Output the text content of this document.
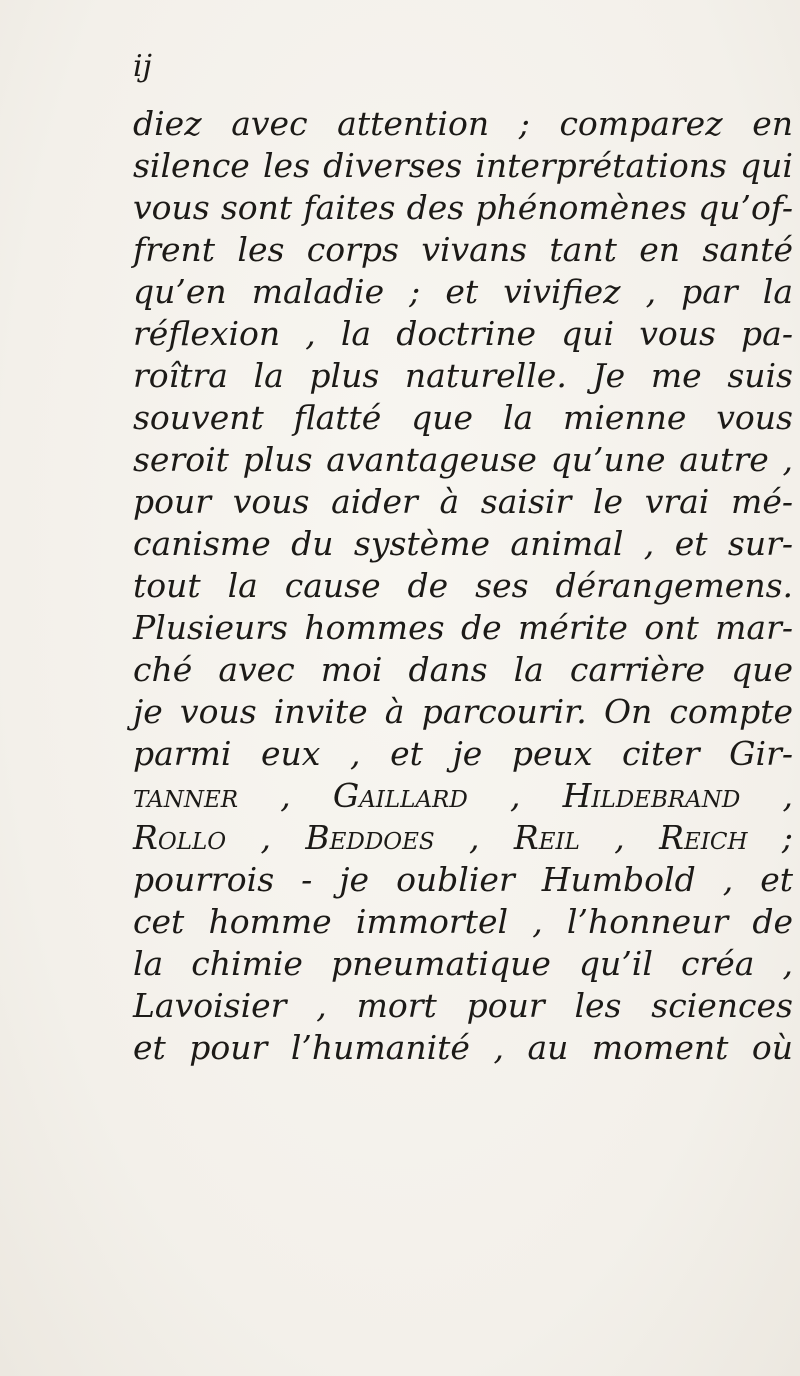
ij

diez avec attention ; comparez en
silence les diverses interprétations qui
vous sont faites des phénomènes qu’of-
frent les corps vivans tant en santé
qu’en maladie ; et vivifiez , par la
réflexion , la doctrine qui vous pa-
roîtra la plus naturelle. Je me suis
souvent flatté que la mienne vous
seroit plus avantageuse qu’une autre ,
pour vous aider à saisir le vrai mé-
canisme du système animal , et sur-
tout la cause de ses dérangemens.
Plusieurs hommes de mérite ont mar-
ché avec moi dans la carrière que
je vous invite à parcourir. On compte
parmi eux , et je peux citer Gir-
tanner , Gaillard , Hildebrand ,
Rollo , Beddoes , Reil , Reich ;
pourrois - je oublier Humbold , et
cet homme immortel , l’honneur de
la chimie pneumatique qu’il créa ,
Lavoisier , mort pour les sciences
et pour l’humanité , au moment où
